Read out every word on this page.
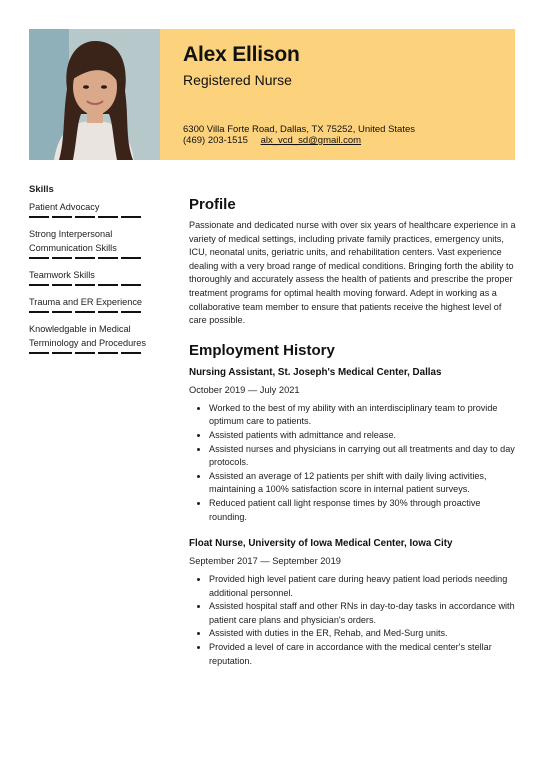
Alex Ellison
Registered Nurse
6300 Villa Forte Road, Dallas, TX 75252, United States
(469) 203-1515 alx_vcd_sd@gmail.com
Skills
Patient Advocacy
Strong Interpersonal Communication Skills
Teamwork Skills
Trauma and ER Experience
Knowledgable in Medical Terminology and Procedures
Profile

Passionate and dedicated nurse with over six years of healthcare experience in a variety of medical settings, including private family practices, emergency units, ICU, neonatal units, geriatric units, and rehabilitation centers. Vast experience dealing with a very broad range of medical conditions. Bringing forth the ability to thoroughly and accurately assess the health of patients and prescribe the proper treatment programs for optimal health moving forward. Adept in working as a collaborative team member to ensure that patients receive the highest level of care possible.

Employment History
Nursing Assistant, St. Joseph's Medical Center, Dallas
October 2019 — July 2021
• Worked to the best of my ability with an interdisciplinary team to provide optimum care to patients.
• Assisted patients with admittance and release.
• Assisted nurses and physicians in carrying out all treatments and day to day protocols.
• Assisted an average of 12 patients per shift with daily living activities, maintaining a 100% satisfaction score in internal patient surveys.
• Reduced patient call light response times by 30% through proactive rounding.
Float Nurse, University of Iowa Medical Center, Iowa City
September 2017 — September 2019
• Provided high level patient care during heavy patient load periods needing additional personnel.
• Assisted hospital staff and other RNs in day-to-day tasks in accordance with patient care plans and physician's orders.
• Assisted with duties in the ER, Rehab, and Med-Surg units.
• Provided a level of care in accordance with the medical center's stellar reputation.
